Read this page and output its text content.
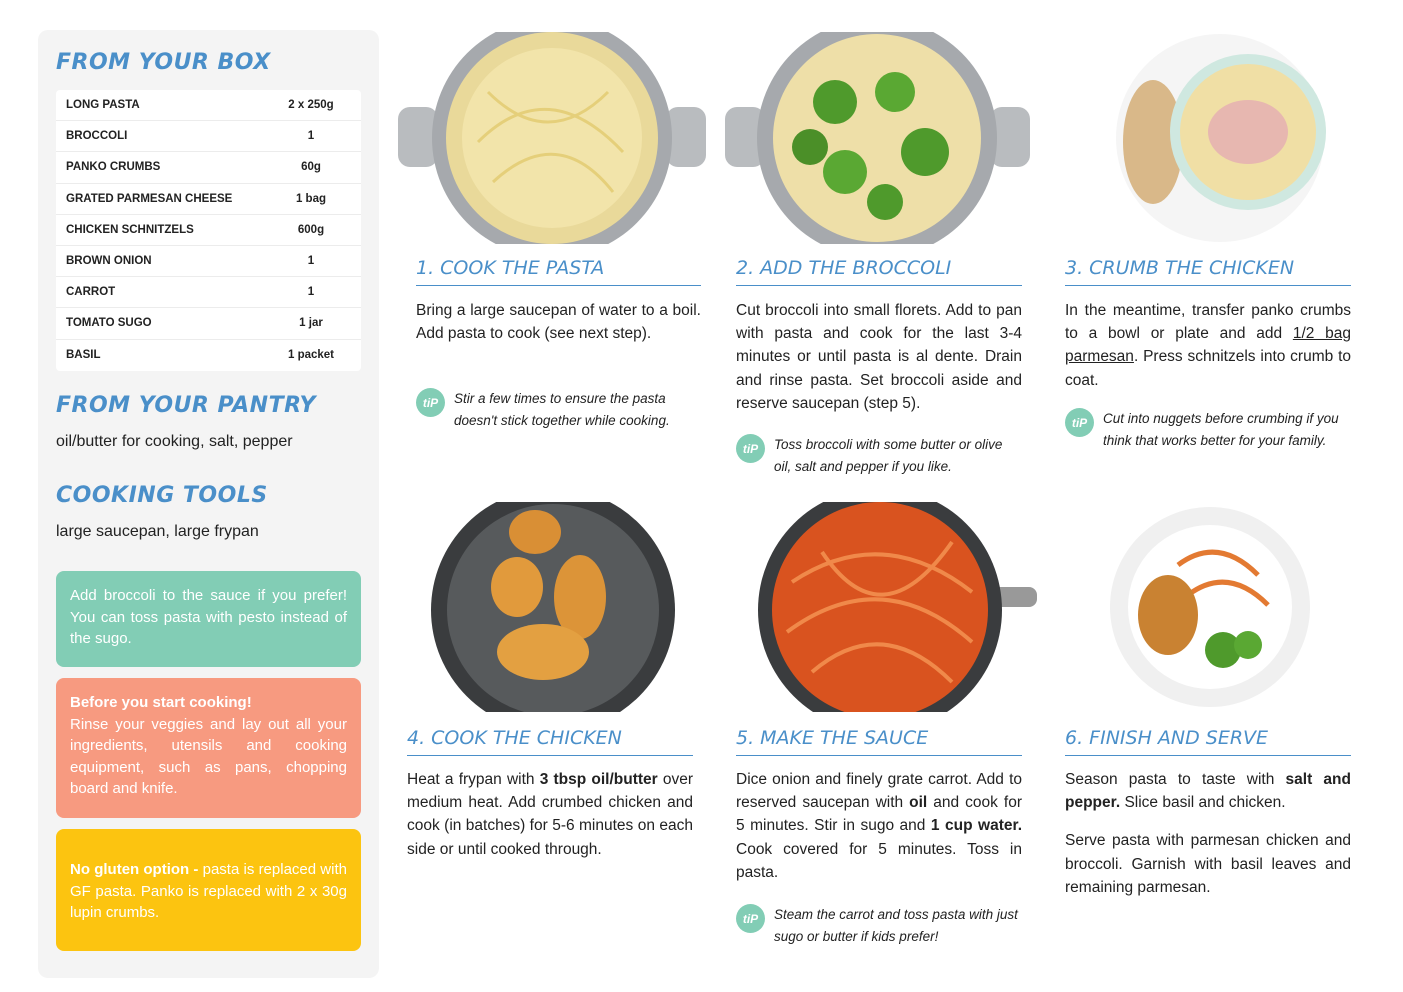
FROM YOUR BOX
LONG PASTA	2 x 250g
BROCCOLI	1
PANKO CRUMBS	60g
GRATED PARMESAN CHEESE	1 bag
CHICKEN SCHNITZELS	600g
BROWN ONION	1
CARROT	1
TOMATO SUGO	1 jar
BASIL	1 packet
FROM YOUR PANTRY
oil/butter for cooking, salt, pepper
COOKING TOOLS
large saucepan, large frypan
Add broccoli to the sauce if you prefer! You can toss pasta with pesto instead of the sugo.
Before you start cooking!
Rinse your veggies and lay out all your ingredients, utensils and cooking equipment, such as pans, chopping board and knife.
No gluten option - pasta is replaced with GF pasta. Panko is replaced with 2 x 30g lupin crumbs.
1. COOK THE PASTA
Bring a large saucepan of water to a boil. Add pasta to cook (see next step).
tiP	Stir a few times to ensure the pasta doesn't stick together while cooking.
2. ADD THE BROCCOLI
Cut broccoli into small florets. Add to pan with pasta and cook for the last 3-4 minutes or until pasta is al dente. Drain and rinse pasta. Set broccoli aside and reserve saucepan (step 5).
tiP	Toss broccoli with some butter or olive oil, salt and pepper if you like.
3. CRUMB THE CHICKEN
In the meantime, transfer panko crumbs to a bowl or plate and add 1/2 bag parmesan. Press schnitzels into crumb to coat.
tiP	Cut into nuggets before crumbing if you think that works better for your family.
4. COOK THE CHICKEN
Heat a frypan with 3 tbsp oil/butter over medium heat. Add crumbed chicken and cook (in batches) for 5-6 minutes on each side or until cooked through.
5. MAKE THE SAUCE
Dice onion and finely grate carrot. Add to reserved saucepan with oil and cook for 5 minutes. Stir in sugo and 1 cup water. Cook covered for 5 minutes. Toss in pasta.
tiP	Steam the carrot and toss pasta with just sugo or butter if kids prefer!
6. FINISH AND SERVE

Season pasta to taste with salt and pepper. Slice basil and chicken.

Serve pasta with parmesan chicken and broccoli. Garnish with basil leaves and remaining parmesan.
